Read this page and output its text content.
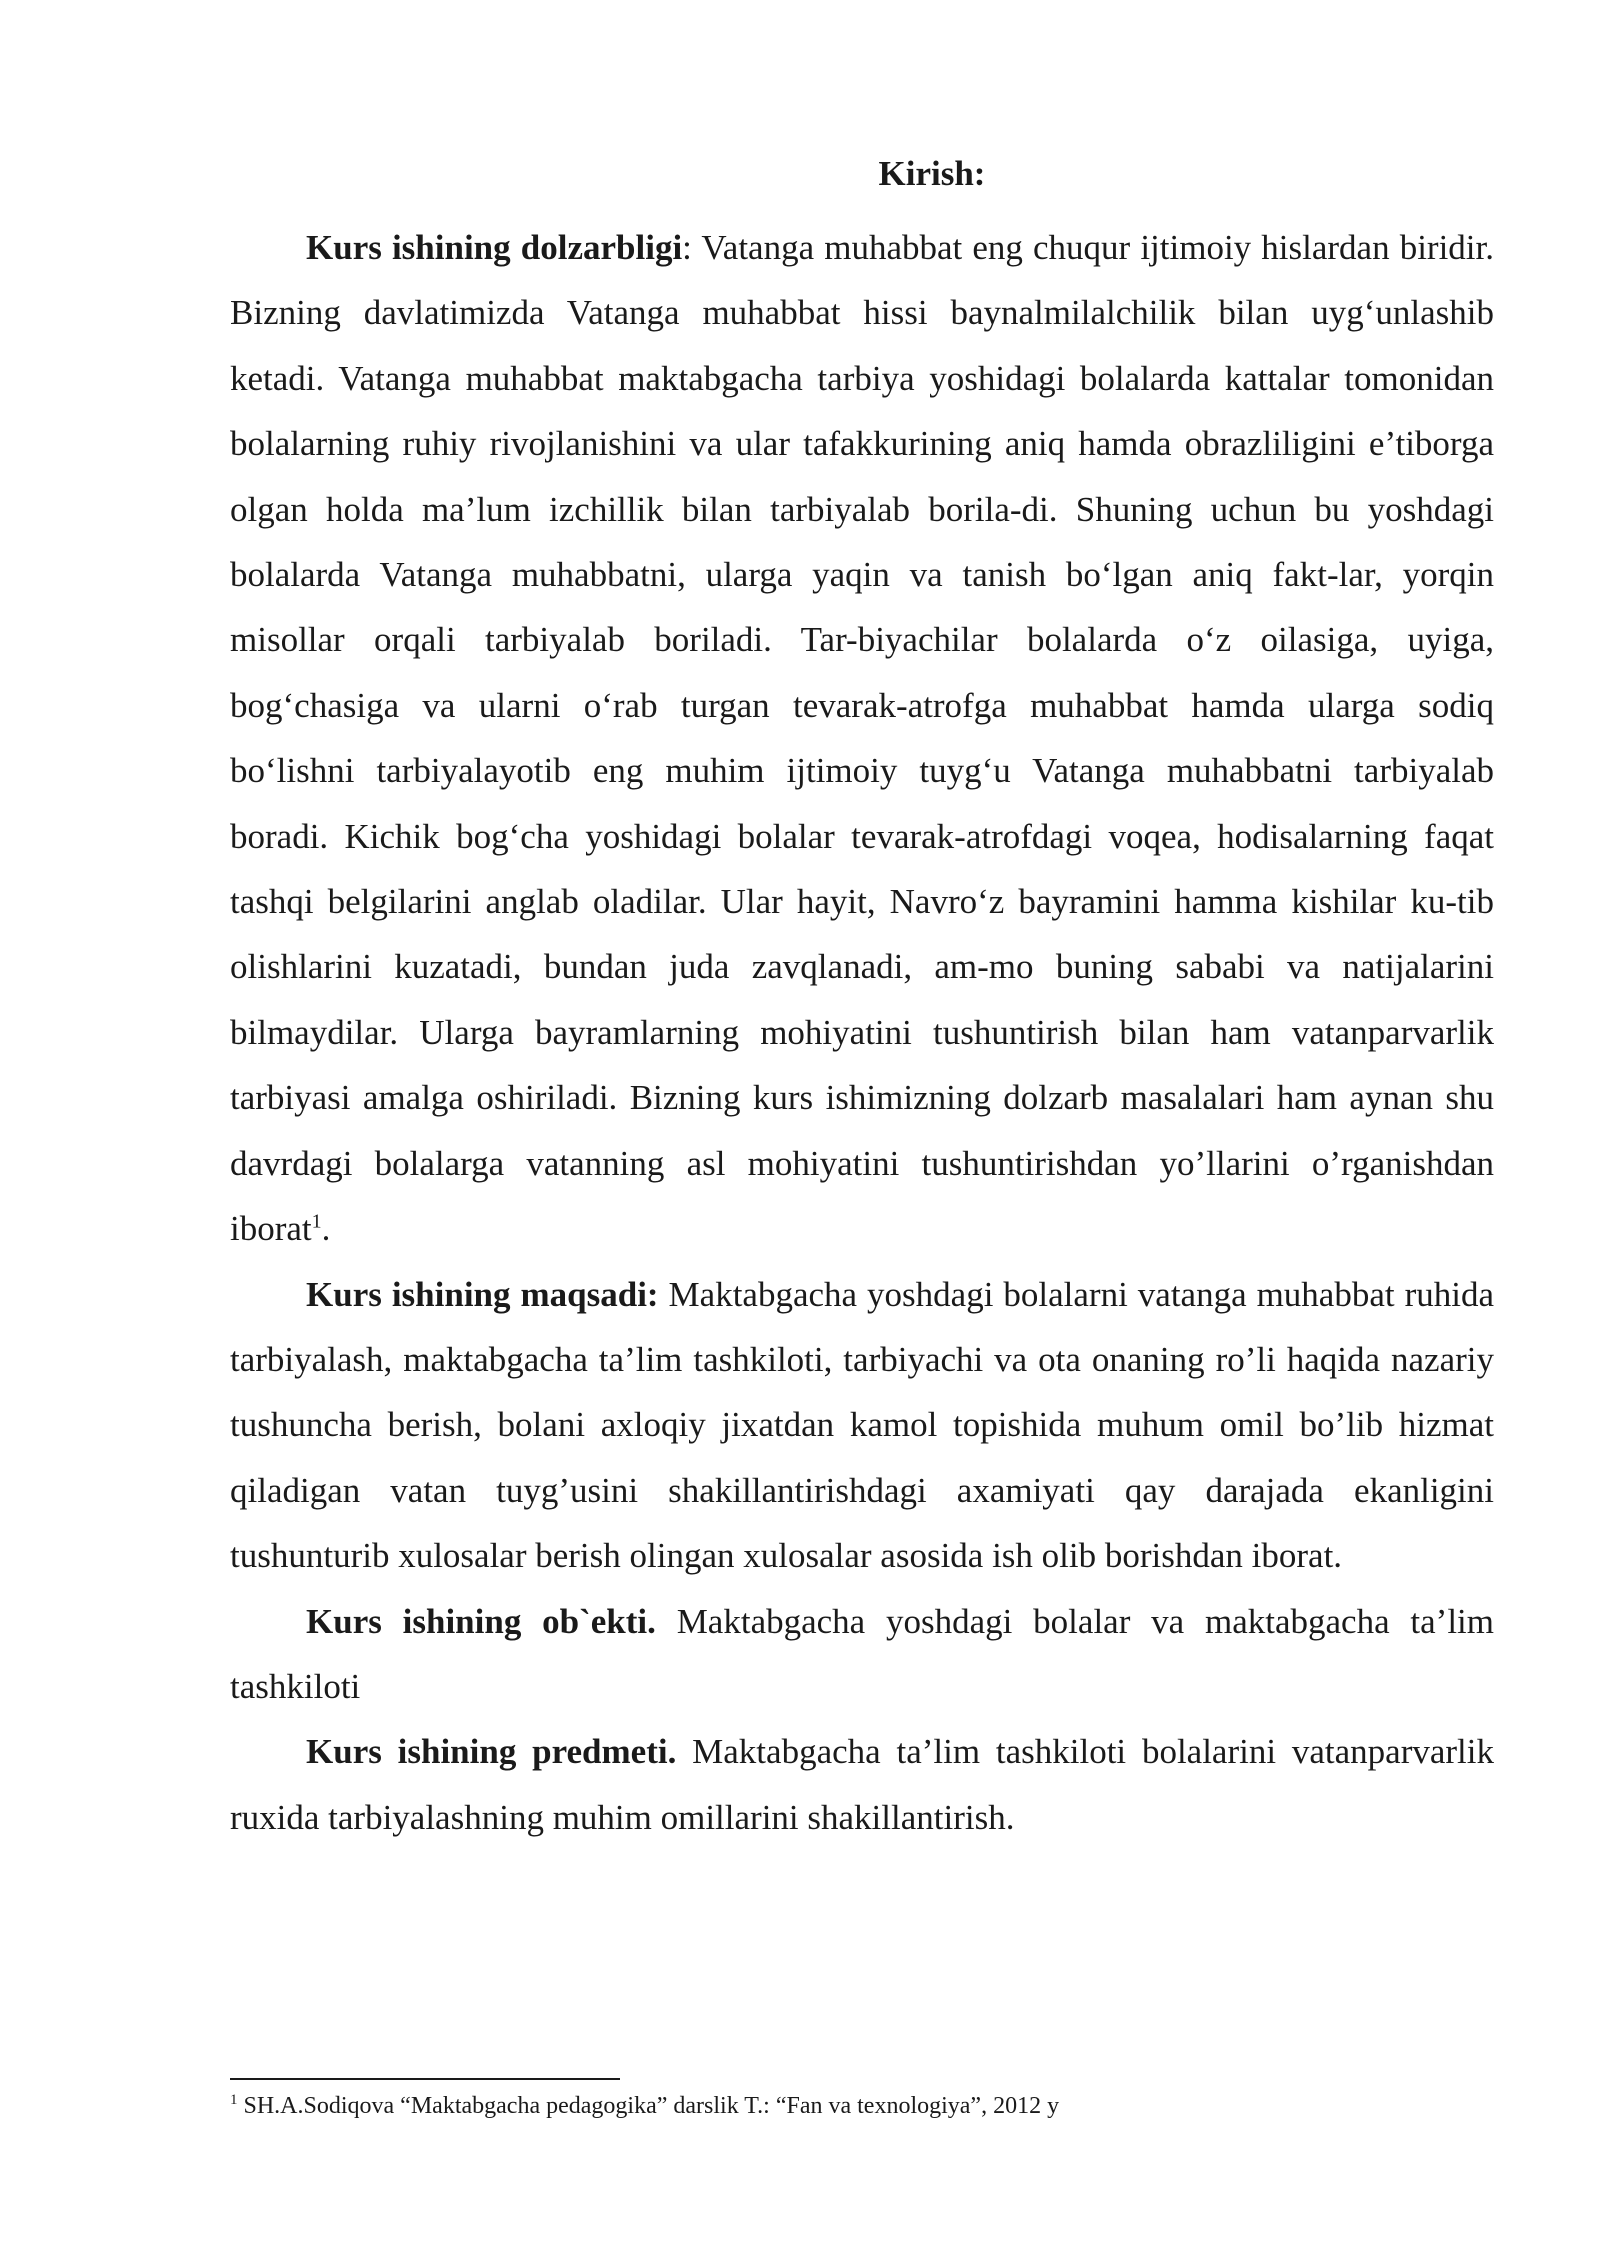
Kirish:

Kurs ishining dolzarbligi: Vatanga muhabbat eng chuqur ijtimoiy hislardan biridir. Bizning davlatimizda Vatanga muhabbat hissi baynalmilalchilik bilan uyg‘unlashib ketadi. Vatanga muhabbat maktabgacha tarbiya yoshidagi bolalarda kattalar tomonidan bolalarning ruhiy rivojlanishini va ular tafakkurining aniq hamda obrazliligini e’tiborga olgan holda ma’lum izchillik bilan tarbiyalab borila-di. Shuning uchun bu yoshdagi bolalarda Vatanga muhabbatni, ularga yaqin va tanish bo‘lgan aniq fakt-lar, yorqin misollar orqali tarbiyalab boriladi. Tar-biyachilar bolalarda o‘z oilasiga, uyiga, bog‘chasiga va ularni o‘rab turgan tevarak-atrofga muhabbat hamda ularga sodiq bo‘lishni tarbiyalayotib eng muhim ijtimoiy tuyg‘u Vatanga muhabbatni tarbiyalab boradi. Kichik bog‘cha yoshidagi bolalar tevarak-atrofdagi voqea, hodisalarning faqat tashqi belgilarini anglab oladilar. Ular hayit, Navro‘z bayramini hamma kishilar ku-tib olishlarini kuzatadi, bundan juda zavqlanadi, am-mo buning sababi va natijalarini bilmaydilar. Ularga bayramlarning mohiyatini tushuntirish bilan ham vatanparvarlik tarbiyasi amalga oshiriladi. Bizning kurs ishimizning dolzarb masalalari ham aynan shu davrdagi bolalarga vatanning asl mohiyatini tushuntirishdan yo’llarini o’rganishdan iborat$^1$.

Kurs ishining maqsadi: Maktabgacha yoshdagi bolalarni vatanga muhabbat ruhida tarbiyalash, maktabgacha ta’lim tashkiloti, tarbiyachi va ota onaning ro’li haqida nazariy tushuncha berish, bolani axloqiy jixatdan kamol topishida muhum omil bo’lib hizmat qiladigan vatan tuyg’usini shakillantirishdagi axamiyati qay darajada ekanligini tushunturib xulosalar berish olingan xulosalar asosida ish olib borishdan iborat.

Kurs ishining ob`ekti. Maktabgacha yoshdagi bolalar va maktabgacha ta’lim tashkiloti

Kurs ishining predmeti. Maktabgacha ta’lim tashkiloti bolalarini vatanparvarlik ruxida tarbiyalashning muhim omillarini shakillantirish.

$^1$ SH.A.Sodiqova “Maktabgacha pedagogika” darslik T.: “Fan va texnologiya”, 2012 y
